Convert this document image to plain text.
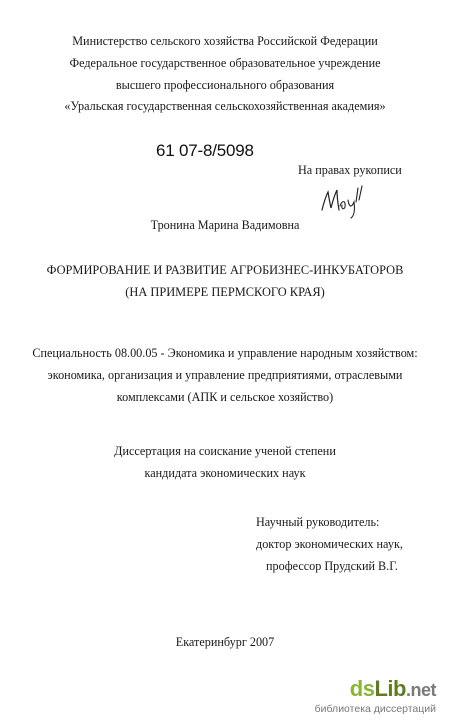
Министерство сельского хозяйства Российской Федерации
Федеральное государственное образовательное учреждение
высшего профессионального образования
«Уральская государственная сельскохозяйственная академия»
61 07-8/5098
На правах рукописи
Тронина Марина Вадимовна
ФОРМИРОВАНИЕ И РАЗВИТИЕ АГРОБИЗНЕС-ИНКУБАТОРОВ
(НА ПРИМЕРЕ ПЕРМСКОГО КРАЯ)
Специальность 08.00.05 - Экономика и управление народным хозяйством:
экономика, организация и управление предприятиями, отраслевыми
комплексами (АПК и сельское хозяйство)
Диссертация на соискание ученой степени
кандидата экономических наук
Научный руководитель:
доктор экономических наук,
профессор Прудский В.Г.
Екатеринбург 2007
dsLib.net
библиотека диссертаций
